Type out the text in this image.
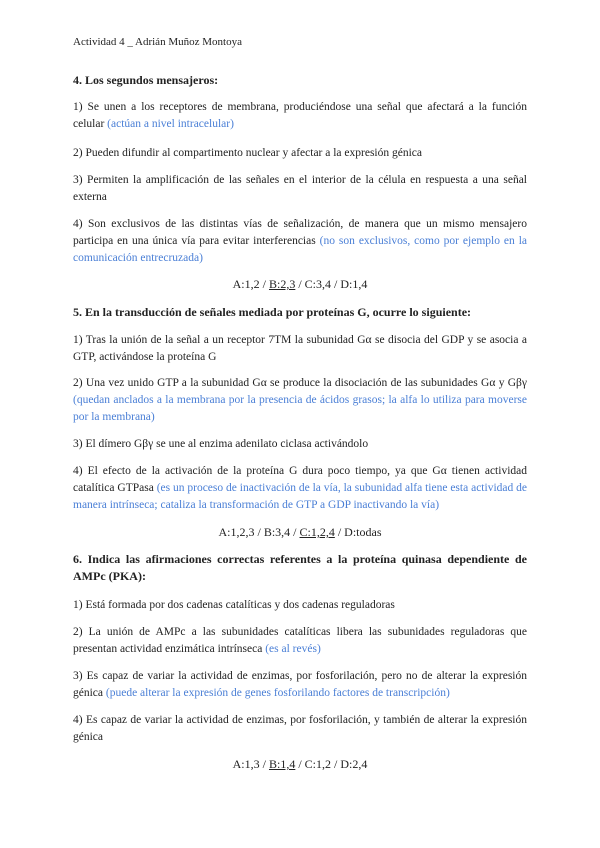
Actividad 4 _ Adrián Muñoz Montoya
4. Los segundos mensajeros:
1) Se unen a los receptores de membrana, produciéndose una señal que afectará a la función celular (actúan a nivel intracelular)
2) Pueden difundir al compartimento nuclear y afectar a la expresión génica
3) Permiten la amplificación de las señales en el interior de la célula en respuesta a una señal externa
4) Son exclusivos de las distintas vías de señalización, de manera que un mismo mensajero participa en una única vía para evitar interferencias (no son exclusivos, como por ejemplo en la comunicación entrecruzada)
A:1,2 / B:2,3 / C:3,4 / D:1,4
5. En la transducción de señales mediada por proteínas G, ocurre lo siguiente:
1) Tras la unión de la señal a un receptor 7TM la subunidad Gα se disocia del GDP y se asocia a GTP, activándose la proteína G
2) Una vez unido GTP a la subunidad Gα se produce la disociación de las subunidades Gα y Gβγ (quedan anclados a la membrana por la presencia de ácidos grasos; la alfa lo utiliza para moverse por la membrana)
3) El dímero Gβγ se une al enzima adenilato ciclasa activándolo
4) El efecto de la activación de la proteína G dura poco tiempo, ya que Gα tienen actividad catalítica GTPasa (es un proceso de inactivación de la vía, la subunidad alfa tiene esta actividad de manera intrínseca; cataliza la transformación de GTP a GDP inactivando la vía)
A:1,2,3 / B:3,4 / C:1,2,4 / D:todas
6. Indica las afirmaciones correctas referentes a la proteína quinasa dependiente de AMPc (PKA):
1) Está formada por dos cadenas catalíticas y dos cadenas reguladoras
2) La unión de AMPc a las subunidades catalíticas libera las subunidades reguladoras que presentan actividad enzimática intrínseca (es al revés)
3) Es capaz de variar la actividad de enzimas, por fosforilación, pero no de alterar la expresión génica (puede alterar la expresión de genes fosforilando factores de transcripción)
4) Es capaz de variar la actividad de enzimas, por fosforilación, y también de alterar la expresión génica
A:1,3 / B:1,4 / C:1,2 / D:2,4
